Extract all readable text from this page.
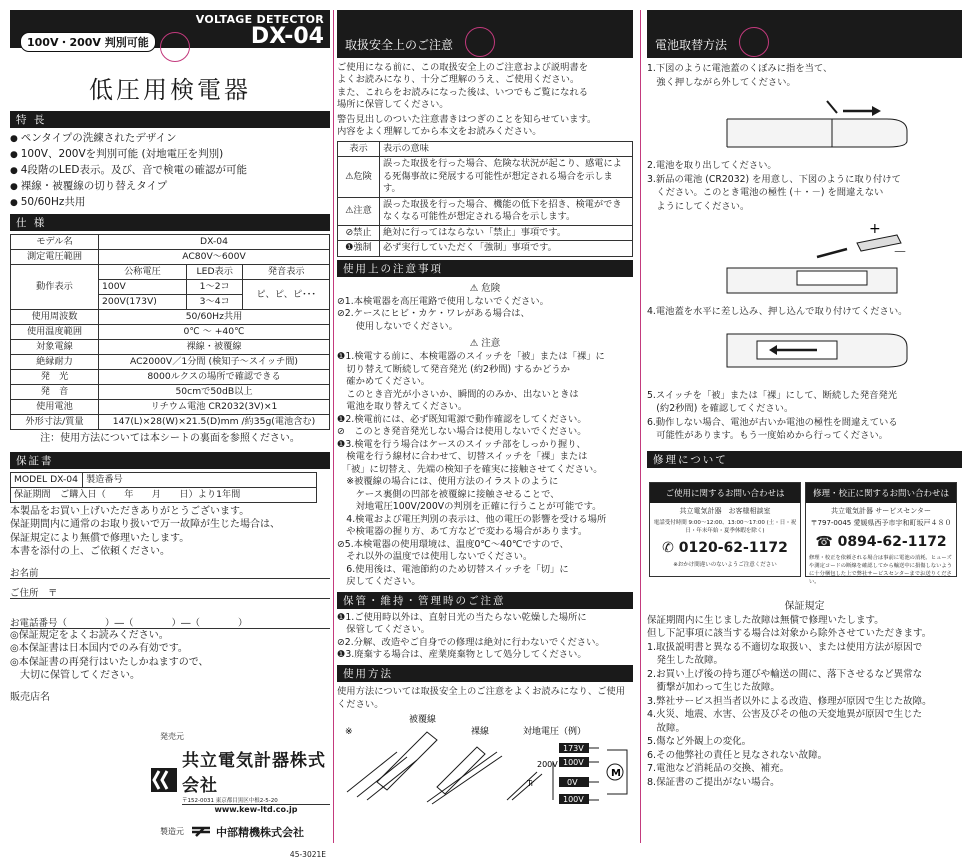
100V・200V 判別可能
VOLTAGE DETECTOR
DX-04
低圧用検電器
特 長
● ペンタイプの洗練されたデザイン
● 100V、200Vを判別可能 (対地電圧を判別)
● 4段階のLED表示。及び、音で検電の確認が可能
● 裸線・被覆線の切り替えタイプ
● 50/60Hz共用
仕 様
モデル名	DX-04		
測定電圧範囲	AC80V～600V		
動作表示	公称電圧	LED表示	発音表示
	100V	1～2コ	ピ、ピ、ピ･･･
	200V(173V)	3～4コ	
使用周波数	50/60Hz共用		
使用温度範囲	0℃ ～ +40℃		
対象電線	裸線・被覆線		
絶縁耐力	AC2000V／1分間 (検知子～スイッチ間)		
発　光	8000ルクスの場所で確認できる		
発　音	50cmで50dB以上		
使用電池	リチウム電池 CR2032(3V)×1		
外形寸法/質量	147(L)×28(W)×21.5(D)mm /約35g(電池含む)		
注：使用方法については本シートの裏面を参照ください。
保証書
MODEL DX-04	製造番号
保証期間　 ご購入日（　　年　　月　　日）より1年間
本製品をお買い上げいただきありがとうございます。
保証期間内に通常のお取り扱いで万一故障が生じた場合は、
保証規定により無償で修理いたします。
本書を添付の上、ご依頼ください。
お名前
ご住所　〒
お電話番号（　　　　）―（　　　　）―（　　　　）
◎保証規定をよくお読みください。
◎本保証書は日本国内でのみ有効です。
◎本保証書の再発行はいたしかねますので、
　大切に保管してください。
販売店名
発売元
共立電気計器株式会社
〒152-0031 東京都目黒区中根2-5-20
www.kew-ltd.co.jp
製造元	中部精機株式会社
45-3021E
取扱安全上のご注意
ご使用になる前に、この取扱安全上のご注意および説明書を
よくお読みになり、十分ご理解のうえ、ご使用ください。
また、これらをお読みになった後は、いつでもご覧になれる
場所に保管してください。
警告見出しのついた注意書きはつぎのことを知らせています。
内容をよく理解してから本文をお読みください。
表示	表示の意味
⚠危険	誤った取扱を行った場合、危険な状況が起こり、感電による死傷事故に発展する可能性が想定される場合を示します。
⚠注意	誤った取扱を行った場合、機能の低下を招き、検電ができなくなる可能性が想定される場合を示します。
⊘禁止	絶対に行ってはならない「禁止」事項です。
❶強制	必ず実行していただく「強制」事項です。
使用上の注意事項
⚠ 危険
⊘1.本検電器を高圧電路で使用しないでください。
⊘2.ケースにヒビ・カケ・ワレがある場合は、
　　使用しないでください。
⚠ 注意
❶1.検電する前に、本検電器のスイッチを「被」または「裸」に
　切り替えて断続して発音発光 (約2秒間) するかどうか
　確かめてください。
　このとき音光が小さいか、瞬間的のみか、出ないときは
　電池を取り替えてください。
❶2.検電前には、必ず既知電源で動作確認をしてください。
⊘　このとき発音発光しない場合は使用しないでください。
❶3.検電を行う場合はケースのスイッチ部をしっかり握り、
　検電を行う線材に合わせて、切替スイッチを「裸」または
　「被」に切替え、先端の検知子を確実に接触させてください。
　※被覆線の場合には、使用方法のイラストのように
　　ケース裏側の凹部を被覆線に接触させることで、
　　対地電圧100V/200Vの判別を正確に行うことが可能です。
　4.検電および電圧判別の表示は、他の電圧の影響を受ける場所
　や検電器の握り方、あて方などで変わる場合があります。
⊘5.本検電器の使用環境は、温度0℃～40℃ですので、
　それ以外の温度では使用しないでください。
　6.使用後は、電池節約のため切替スイッチを「切」に
　戻してください。
保管・維持・管理時のご注意
❶1.ご使用時以外は、直射日光の当たらない乾燥した場所に
　保管してください。
⊘2.分解、改造やご自身での修理は絶対に行わないでください。
❶3.廃棄する場合は、産業廃棄物として処分してください。
使用方法
使用方法については取扱安全上のご注意をよくお読みになり、ご使用ください。
被覆線
裸線	対地電圧（例）
※
173V
200V 100V
0V
100V
Tr
M
電池取替方法
1.下図のように電池蓋のくぼみに指を当て、
　強く押しながら外してください。
2.電池を取り出してください。
3.新品の電池 (CR2032) を用意し、下図のように取り付けて
　ください。このとき電池の極性 (＋・－) を間違えない
　ようにしてください。
+
－
4.電池蓋を水平に差し込み、押し込んで取り付けてください。
5.スイッチを「被」または「裸」にして、断続した発音発光
　(約2秒間) を確認してください。
6.動作しない場合、電池が古いか電池の極性を間違えている
　可能性があります。もう一度始めから行ってください。
修理について
ご使用に関するお問い合わせは
共立電気計器　お客様相談室
電話受付時間 9:00～12:00、13:00～17:00 (土・日・祝日・年末年始・夏季休暇を除く)
✆ 0120-62-1172
※おかけ間違いのないようご注意ください
修理・校正に関するお問い合わせは
共立電気計器 サービスセンター
〒797-0045 愛媛県西予市宇和町坂戸４８０
☎ 0894-62-1172
修理・校正を依頼される場合は事前に電池の消耗、ヒューズや測定コードの断線を確認してから輸送中に損傷しないように十分梱包した上で弊社サービスセンターまでお送りください。
保証規定
保証期間内に生じました故障は無償で修理いたします。
但し下記事項に該当する場合は対象から除外させていただきます。
1.取扱説明書と異なる不適切な取扱い、または使用方法が原因で
　発生した故障。
2.お買い上げ後の持ち運びや輸送の間に、落下させるなど異常な
　衝撃が加わって生じた故障。
3.弊社サービス担当者以外による改造、修理が原因で生じた故障。
4.火災、地震、水害、公害及びその他の天変地異が原因で生じた
　故障。
5.傷など外観上の変化。
6.その他弊社の責任と見なされない故障。
7.電池など消耗品の交換、補充。
8.保証書のご提出がない場合。
